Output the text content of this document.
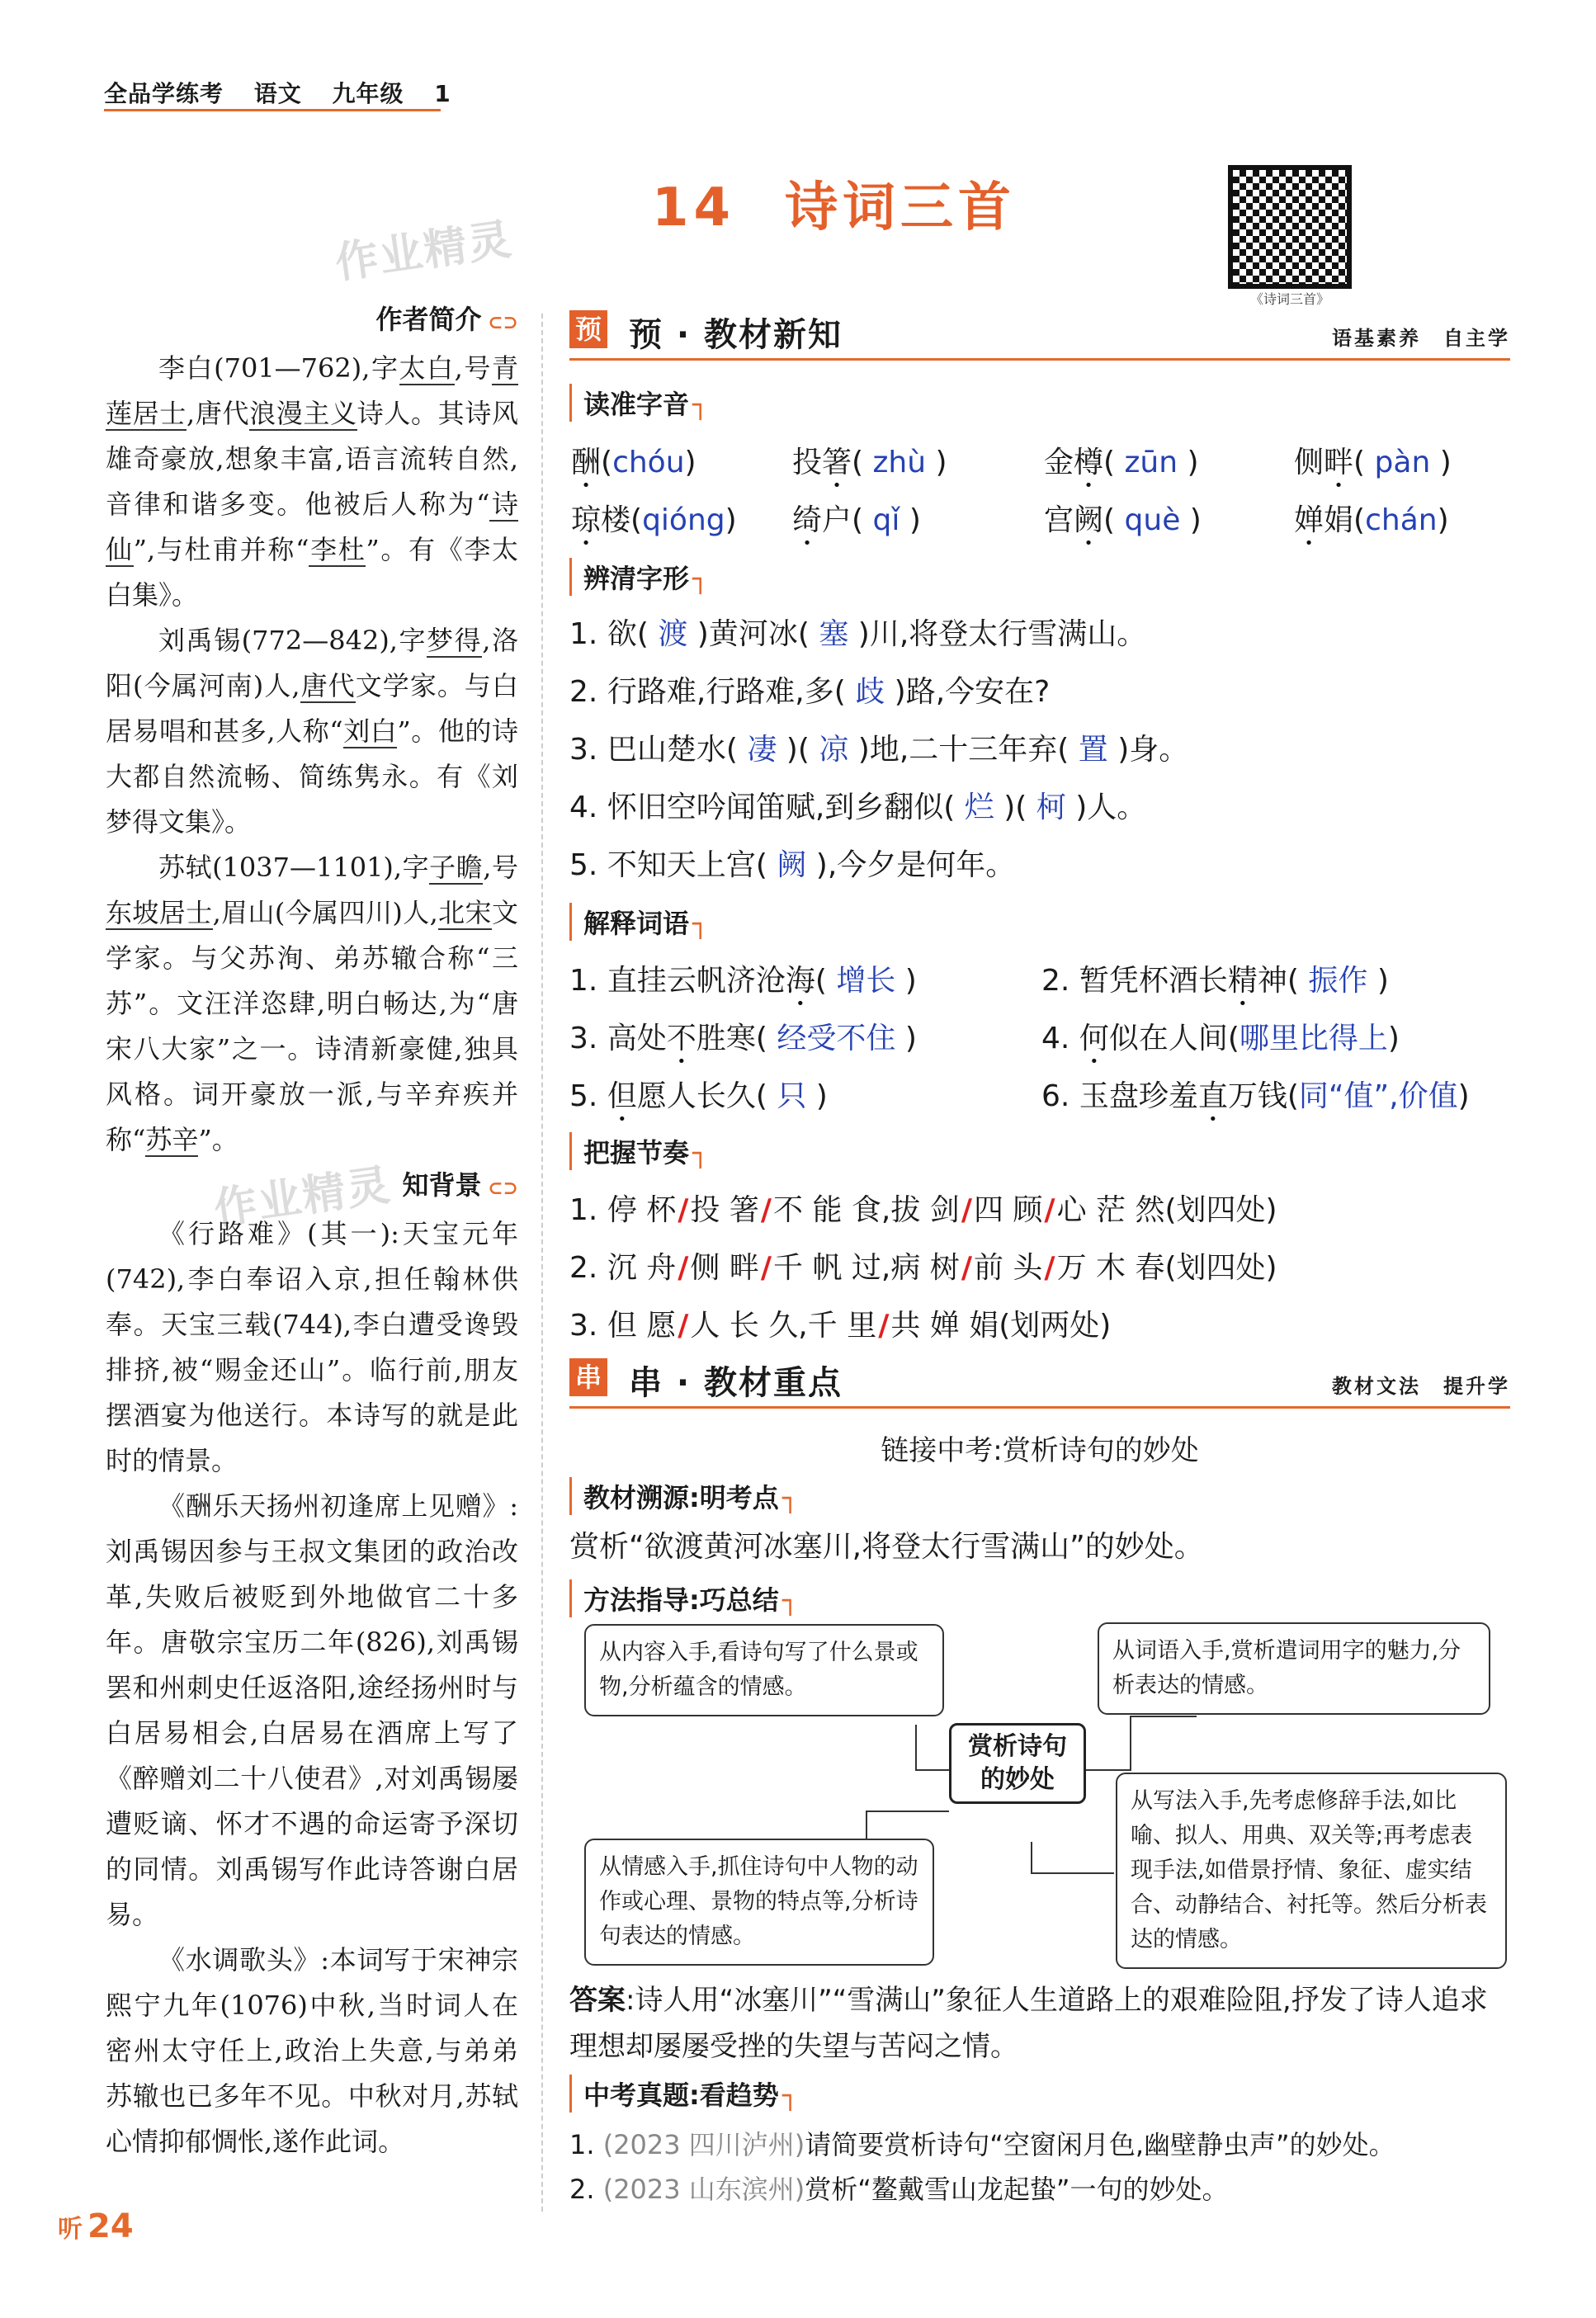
全品学练考 语文 九年级 1
14 诗词三首
《诗词三首》
作业精灵
作业精灵

作者简介 ⊂⊃

李白(701—762),字太白,号青莲居士,唐代浪漫主义诗人。其诗风雄奇豪放,想象丰富,语言流转自然,音律和谐多变。他被后人称为“诗仙”,与杜甫并称“李杜”。有《李太白集》。

刘禹锡(772—842),字梦得,洛阳(今属河南)人,唐代文学家。与白居易唱和甚多,人称“刘白”。他的诗大都自然流畅、简练隽永。有《刘梦得文集》。

苏轼(1037—1101),字子瞻,号东坡居士,眉山(今属四川)人,北宋文学家。与父苏洵、弟苏辙合称“三苏”。文汪洋恣肆,明白畅达,为“唐宋八大家”之一。诗清新豪健,独具风格。词开豪放一派,与辛弃疾并称“苏辛”。

知背景 ⊂⊃

《行路难》(其一):天宝元年(742),李白奉诏入京,担任翰林供奉。天宝三载(744),李白遭受谗毁排挤,被“赐金还山”。临行前,朋友摆酒宴为他送行。本诗写的就是此时的情景。

《酬乐天扬州初逢席上见赠》:刘禹锡因参与王叔文集团的政治改革,失败后被贬到外地做官二十多年。唐敬宗宝历二年(826),刘禹锡罢和州刺史任返洛阳,途经扬州时与白居易相会,白居易在酒席上写了《醉赠刘二十八使君》,对刘禹锡屡遭贬谪、怀才不遇的命运寄予深切的同情。刘禹锡写作此诗答谢白居易。

《水调歌头》:本词写于宋神宗熙宁九年(1076)中秋,当时词人在密州太守任上,政治上失意,与弟弟苏辙也已多年不见。中秋对月,苏轼心情抑郁惆怅,遂作此词。

预 预 · 教材新知	语基素养　自主学
读准字音 ┐
酬(chóu)	投箸( zhù )	金樽( zūn )	侧畔( pàn )
琼楼(qióng) 绮户( qǐ )	宫阙( què )	婵娟(chán)
辨清字形 ┐
1. 欲( 渡 )黄河冰( 塞 )川,将登太行雪满山。
2. 行路难,行路难,多( 歧 )路,今安在?
3. 巴山楚水( 凄 )( 凉 )地,二十三年弃( 置 )身。
4. 怀旧空吟闻笛赋,到乡翻似( 烂 )( 柯 )人。
5. 不知天上宫( 阙 ),今夕是何年。
解释词语 ┐
1. 直挂云帆济沧海( 增长 )	2. 暂凭杯酒长精神( 振作 )
3. 高处不胜寒( 经受不住 )	4. 何似在人间(哪里比得上)
5. 但愿人长久( 只 )	6. 玉盘珍羞直万钱(同“值”,价值)
把握节奏 ┐
1. 停 杯/投 箸/不 能 食,拔 剑/四 顾/心 茫 然(划四处)
2. 沉 舟/侧 畔/千 帆 过,病 树/前 头/万 木 春(划四处)
3. 但 愿/人 长 久,千 里/共 婵 娟(划两处)
串 串 · 教材重点	教材文法　提升学
链接中考:赏析诗句的妙处
教材溯源:明考点 ┐
赏析“欲渡黄河冰塞川,将登太行雪满山”的妙处。
方法指导:巧总结 ┐
从内容入手,看诗句写了什么景或物,分析蕴含的情感。
从词语入手,赏析遣词用字的魅力,分析表达的情感。
赏析诗句的妙处
从情感入手,抓住诗句中人物的动作或心理、景物的特点等,分析诗句表达的情感。
从写法入手,先考虑修辞手法,如比喻、拟人、用典、双关等;再考虑表现手法,如借景抒情、象征、虚实结合、动静结合、衬托等。然后分析表达的情感。
答案:诗人用“冰塞川”“雪满山”象征人生道路上的艰难险阻,抒发了诗人追求理想却屡屡受挫的失望与苦闷之情。
中考真题:看趋势 ┐
1. (2023 四川泸州)请简要赏析诗句“空窗闲月色,幽壁静虫声”的妙处。
2. (2023 山东滨州)赏析“鳌戴雪山龙起蛰”一句的妙处。
听 24
